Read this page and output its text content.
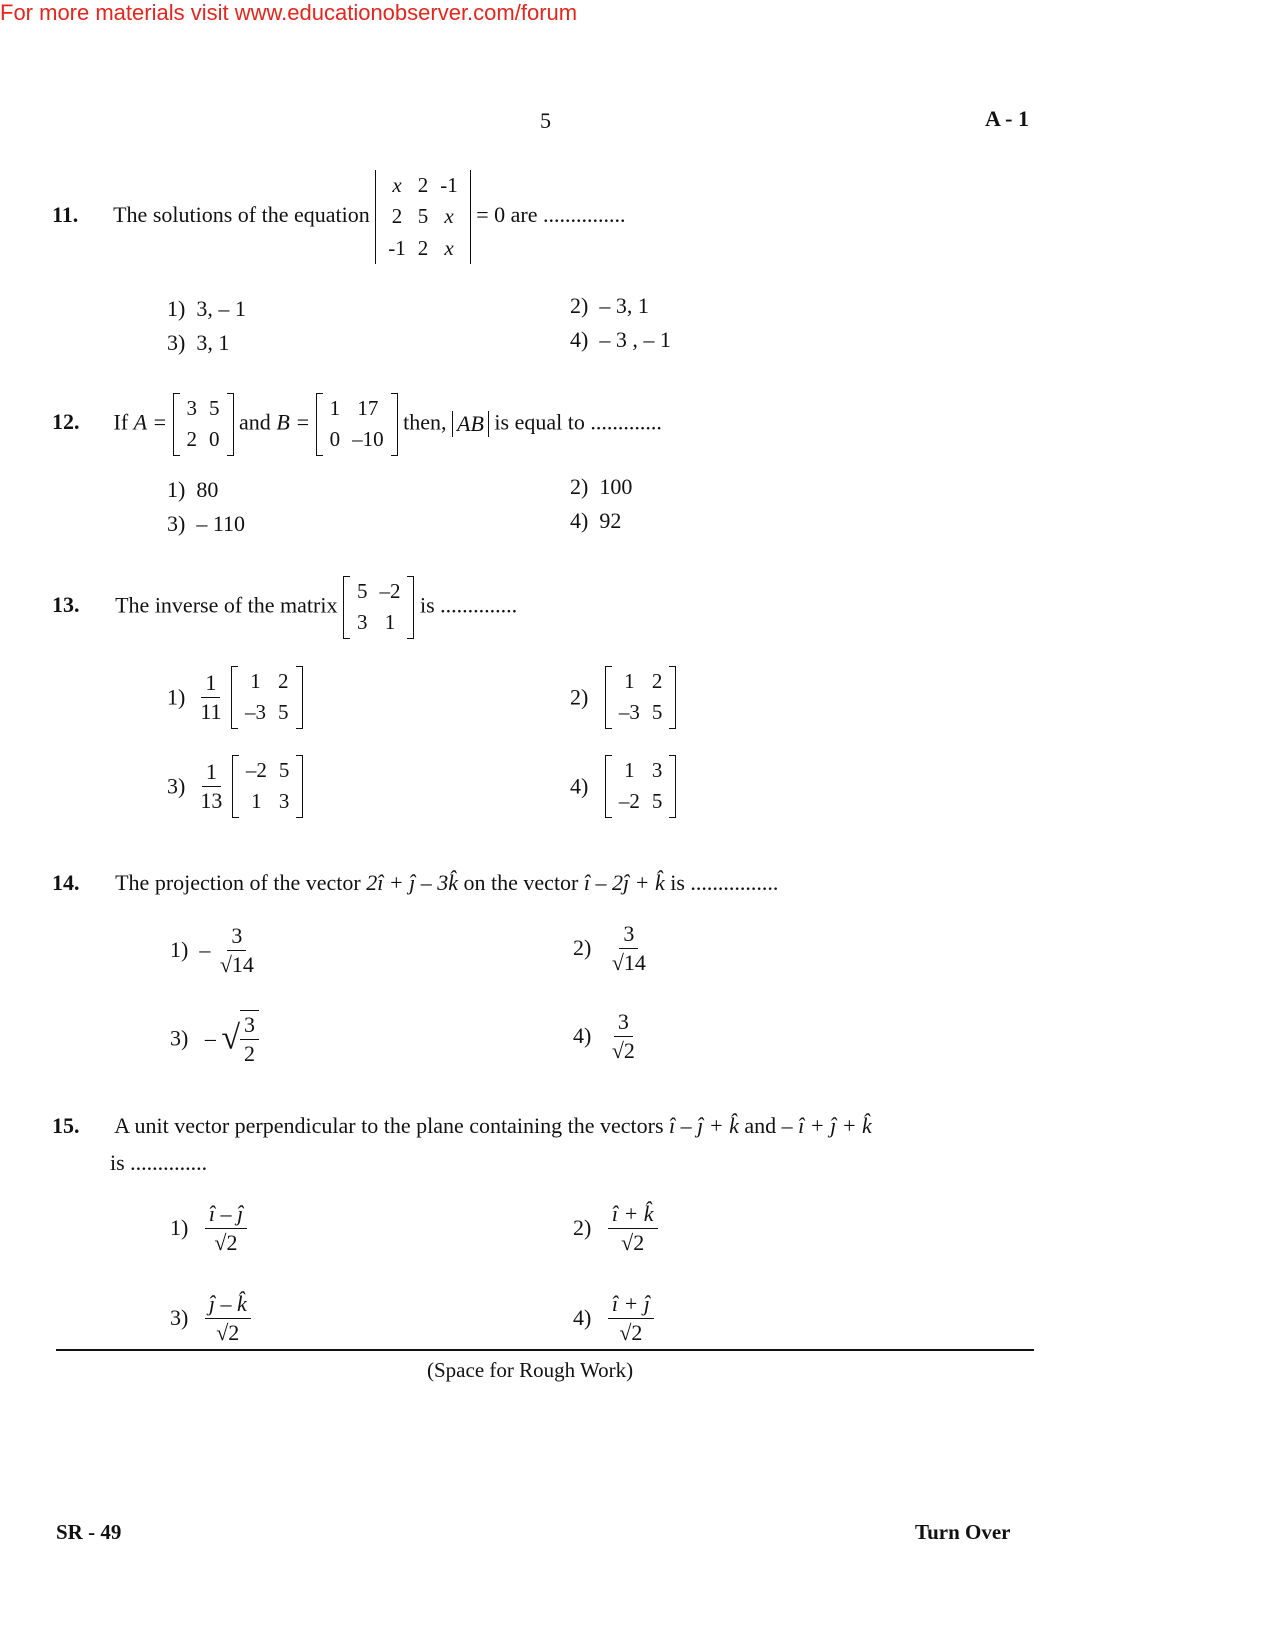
For more materials visit www.educationobserver.com/forum
5	A - 1
11. The solutions of the equation
x	2	-1
2	5	x
-1	2	x
= 0 are ...............
1) 3, – 1	2) – 3, 1
3) 3, 1	4) – 3 , – 1
12. If A =
3	5
2	0
and B =
1	17
0	–10
then, AB is equal to .............
1) 80	2) 100
3) – 110	4) 92
13. The inverse of the matrix
5	–2
3	1
is ..............
$1) \frac{1}{11}$
1	2
–3	5
2)
1	2
–3	5
$3) \frac{1}{13}$
–2	5
1	3
4)
1	3
–2	5
14. The projection of the vector 2î + ĵ – 3k̂ on the vector î – 2ĵ + k̂ is ................
$1) - \frac{3}{√14}$	$2) \frac{3}{√14}$
3) – √ $\frac{3}{2}$	$4) \frac{3}{√2}$
15. A unit vector perpendicular to the plane containing the vectors î – ĵ + k̂ and – î + ĵ + k̂
is ..............
$1) \frac{î - ĵ}{√2}$	$2) \frac{î + k̂}{√2}$
$3) \frac{ĵ - k̂}{√2}$	$4) \frac{î + ĵ}{√2}$
(Space for Rough Work)
SR - 49	Turn Over
